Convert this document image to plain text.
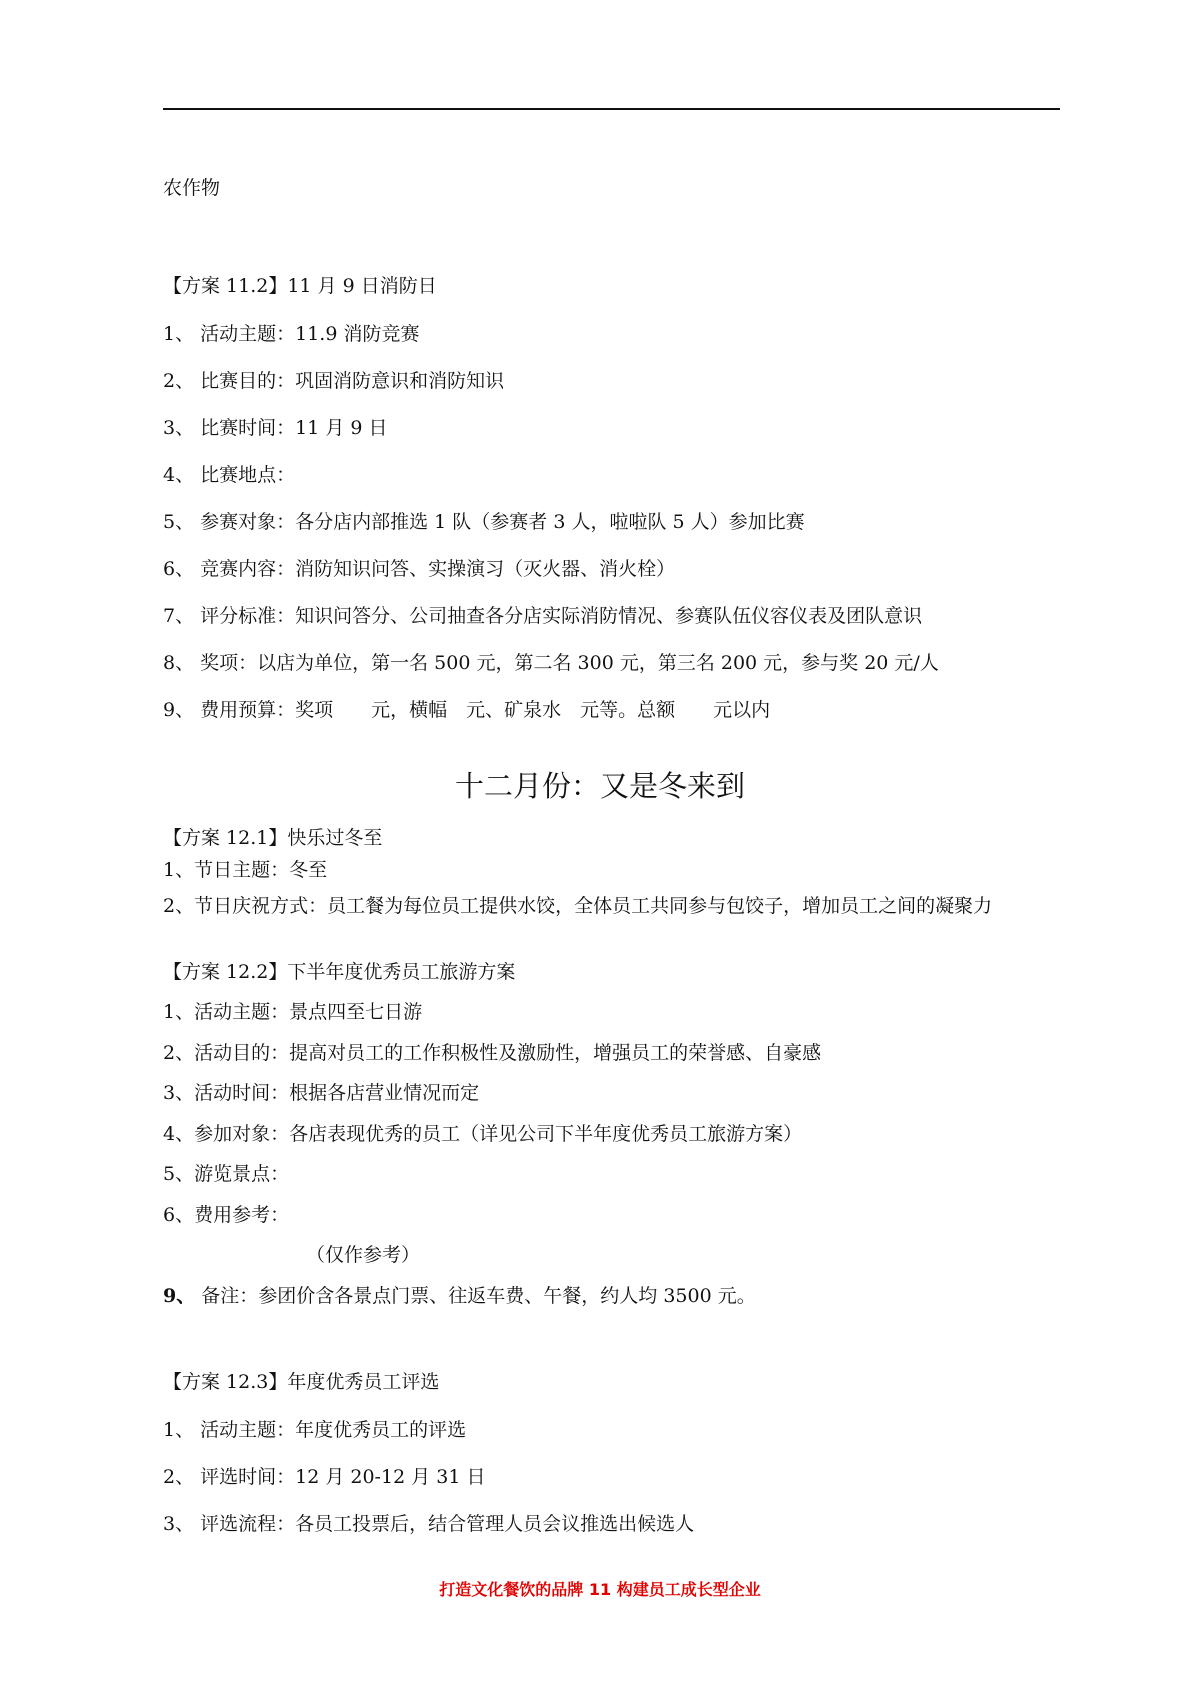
农作物
【方案 11.2】11 月 9 日消防日
1、 活动主题：11.9 消防竞赛
2、 比赛目的：巩固消防意识和消防知识
3、 比赛时间：11 月 9 日
4、 比赛地点：
5、 参赛对象：各分店内部推选 1 队（参赛者 3 人，啦啦队 5 人）参加比赛
6、 竞赛内容：消防知识问答、实操演习（灭火器、消火栓）
7、 评分标准：知识问答分、公司抽查各分店实际消防情况、参赛队伍仪容仪表及团队意识
8、 奖项：以店为单位，第一名 500 元，第二名 300 元，第三名 200 元，参与奖 20 元/人
9、 费用预算：奖项　　元，横幅　元、矿泉水　元等。总额　　元以内
十二月份：又是冬来到
【方案 12.1】快乐过冬至
1、节日主题：冬至
2、节日庆祝方式：员工餐为每位员工提供水饺，全体员工共同参与包饺子，增加员工之间的凝聚力
【方案 12.2】下半年度优秀员工旅游方案
1、活动主题：景点四至七日游
2、活动目的：提高对员工的工作积极性及激励性，增强员工的荣誉感、自豪感
3、活动时间：根据各店营业情况而定
4、参加对象：各店表现优秀的员工（详见公司下半年度优秀员工旅游方案）
5、游览景点：
6、费用参考：
（仅作参考）
9、 备注：参团价含各景点门票、往返车费、午餐，约人均 3500 元。
【方案 12.3】年度优秀员工评选
1、 活动主题：年度优秀员工的评选
2、 评选时间：12 月 20-12 月 31 日
3、 评选流程：各员工投票后，结合管理人员会议推选出候选人
打造文化餐饮的品牌 11 构建员工成长型企业
